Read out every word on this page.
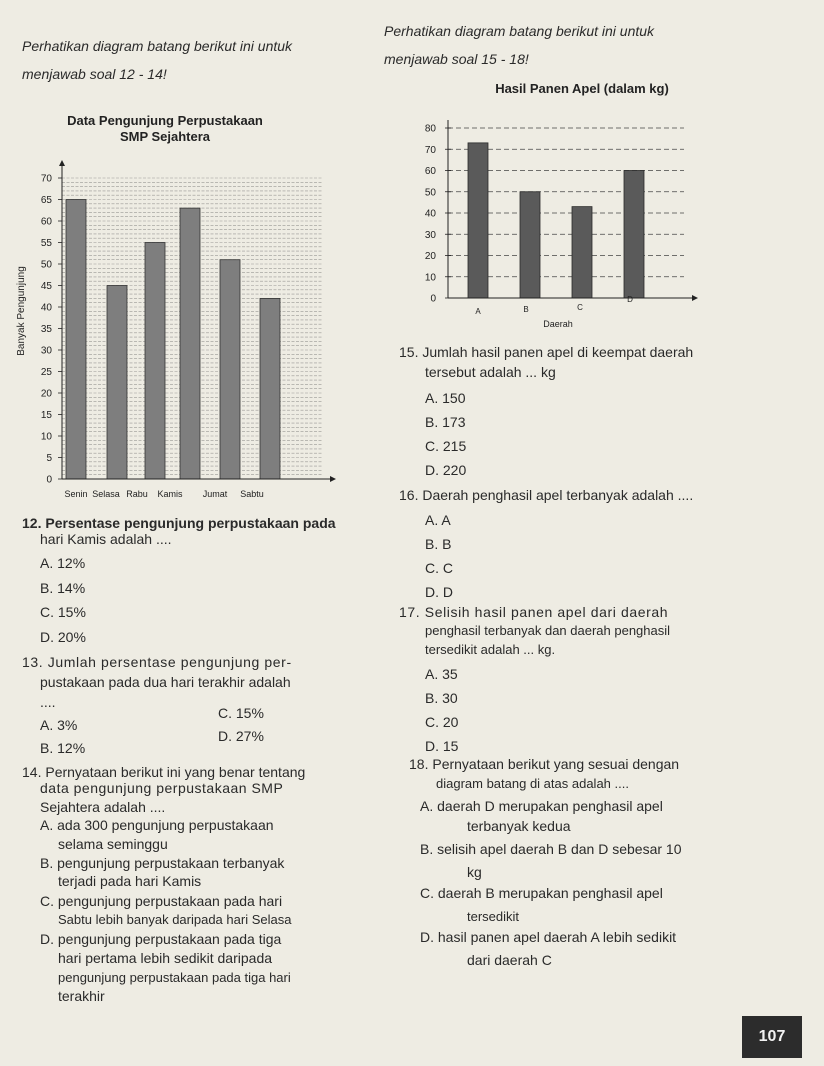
Perhatikan diagram batang berikut ini untuk
menjawab soal 12 - 14!
Data Pengunjung Perpustakaan
SMP Sejahtera
Banyak Pengunjung
0
5
10
15
20
25
30
35
40
45
50
55
60
65
70
Senin Selasa Rabu Kamis Jumat Sabtu
12. Persentase pengunjung perpustakaan pada
hari Kamis adalah ....
A. 12%
B. 14%
C. 15%
D. 20%
13. Jumlah persentase pengunjung per-
pustakaan pada dua hari terakhir adalah
....
A. 3%
B. 12%
C. 15%
D. 27%
14. Pernyataan berikut ini yang benar tentang
data pengunjung perpustakaan SMP
Sejahtera adalah ....
A. ada 300 pengunjung perpustakaan
selama seminggu
B. pengunjung perpustakaan terbanyak
terjadi pada hari Kamis
C. pengunjung perpustakaan pada hari
Sabtu lebih banyak daripada hari Selasa
D. pengunjung perpustakaan pada tiga
hari pertama lebih sedikit daripada
pengunjung perpustakaan pada tiga hari
terakhir
Perhatikan diagram batang berikut ini untuk
menjawab soal 15 - 18!
Hasil Panen Apel (dalam kg)
0
10
20
30
40
50
60
70
80
A	B	C
D
Daerah
15. Jumlah hasil panen apel di keempat daerah
tersebut adalah ... kg
A. 150
B. 173
C. 215
D. 220
16. Daerah penghasil apel terbanyak adalah ....
A. A
B. B
C. C
D. D
17. Selisih hasil panen apel dari daerah
penghasil terbanyak dan daerah penghasil
tersedikit adalah ... kg.
A. 35
B. 30
C. 20
D. 15
18. Pernyataan berikut yang sesuai dengan
diagram batang di atas adalah ....
A. daerah D merupakan penghasil apel
terbanyak kedua
B. selisih apel daerah B dan D sebesar 10
kg
C. daerah B merupakan penghasil apel
tersedikit
D. hasil panen apel daerah A lebih sedikit
dari daerah C
107
